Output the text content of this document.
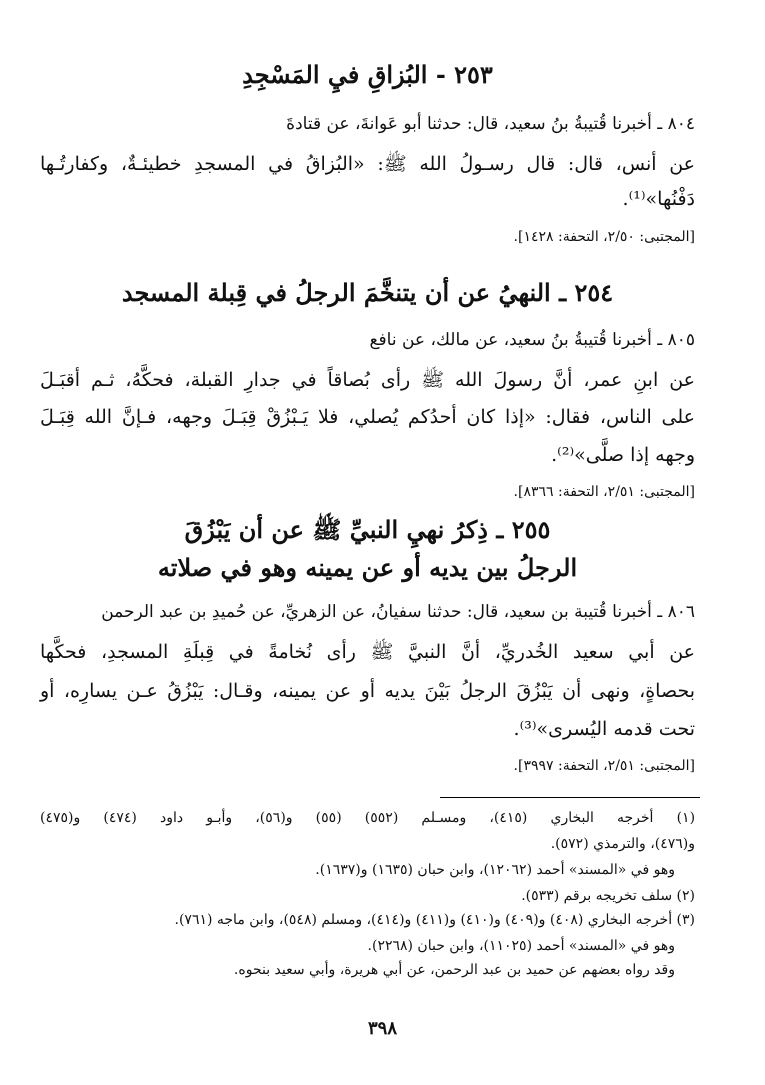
٢٥٣ - البُزاقِ فيِ المَسْجِدِ
٨٠٤ ـ أخبرنا قُتيبةُ بنُ سعيد، قال: حدثنا أبو عَوانةَ، عن قتادةَ
عن أنس، قال: قال رسـولُ الله ﷺ: «البُزاقُ في المسجدِ خطيئـةٌ، وكفارتُـها
دَفْنُها»⁽¹⁾.
[المجتبى: ٢/٥٠، التحفة: ١٤٢٨].
٢٥٤ ـ النهيُ عن أن يتنخَّمَ الرجلُ في قِبلة المسجد
٨٠٥ ـ أخبرنا قُتيبةُ بنُ سعيد، عن مالك، عن نافع
عن ابنِ عمر، أنَّ رسولَ الله ﷺ رأى بُصاقاً في جدارِ القبلة، فحكَّهُ، ثـم أقبَـلَ
على الناس، فقال: «إذا كان أحدُكم يُصلي، فلا يَـبْزُقْ قِبَـلَ وجهه، فـإنَّ الله قِبَـلَ
وجهه إذا صلَّى»⁽²⁾.
[المجتبى: ٢/٥١، التحفة: ٨٣٦٦].
٢٥٥ ـ ذِكرُ نهيِ النبيِّ ﷺ عن أن يَبْزُقَ
الرجلُ بين يديه أو عن يمينه وهو في صلاته
٨٠٦ ـ أخبرنا قُتيبة بن سعيد، قال: حدثنا سفيانُ، عن الزهريِّ، عن حُميدِ بن عبد الرحمن
عن أبي سعيد الخُدريِّ، أنَّ النبيَّ ﷺ رأى نُخامةً في قِبلَةِ المسجدِ، فحكَّها
بحصاةٍ، ونهى أن يَبْزُقَ الرجلُ بَيْنَ يديه أو عن يمينه، وقـال: يَبْزُقُ عـن يسارِه، أو
تحت قدمه اليُسرى»⁽³⁾.
[المجتبى: ٢/٥١، التحفة: ٣٩٩٧].
(١) أخرجه البخاري (٤١٥)، ومسـلم (٥٥٢) (٥٥) و(٥٦)، وأبـو داود (٤٧٤) و(٤٧٥)
و(٤٧٦)، والترمذي (٥٧٢).
وهو في «المسند» أحمد (١٢٠٦٢)، وابن حبان (١٦٣٥) و(١٦٣٧).
(٢) سلف تخريجه برقم (٥٣٣).
(٣) أخرجه البخاري (٤٠٨) و(٤٠٩) و(٤١٠) و(٤١١) و(٤١٤)، ومسلم (٥٤٨)، وابن ماجه (٧٦١).
وهو في «المسند» أحمد (١١٠٢٥)، وابن حبان (٢٢٦٨).
وقد رواه بعضهم عن حميد بن عبد الرحمن، عن أبي هريرة، وأبي سعيد بنحوه.
٣٩٨
